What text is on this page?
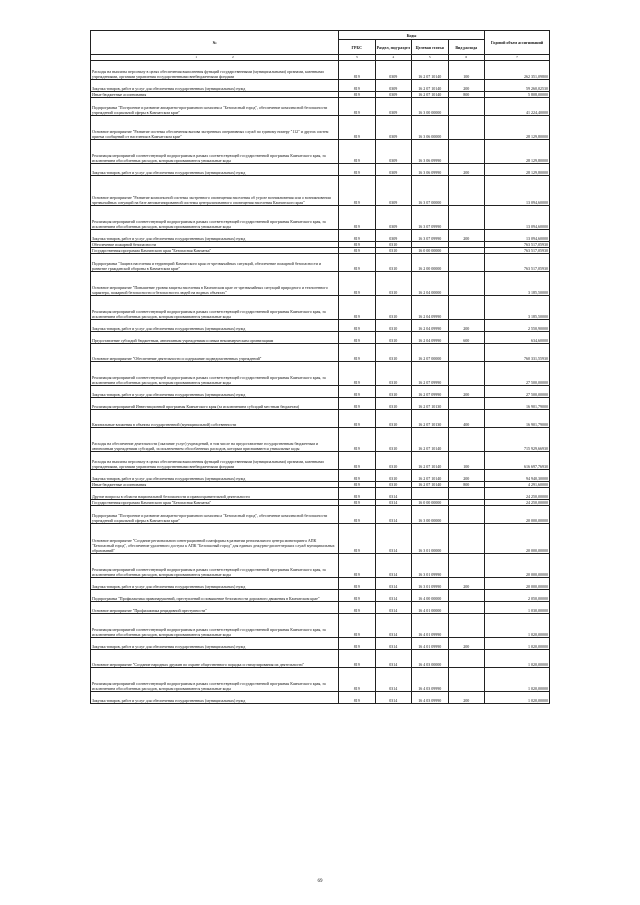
№	Коды				Годовой объем ассигнований
	ГРБС	Раздел, под-раздел	Целевая статья	Вид расхода	
1 2	3	4	5	6	7
Расходы на выплаты персоналу в целях обеспечения выполнения функций государственными (муниципальными) органами, казенными учреждениями, органами управления государственными внебюджетными фондами	819	0309	16 2 07 10140	100	262 351,09800
Закупка товаров, работ и услуг для обеспечения государственных (муниципальных) нужд	819	0309	16 2 07 10140	200	59 260,02530
Иные бюджетные ассигнования	819	0309	16 2 07 10140	800	5 808,00000
Подпрограмма "Построение и развитие аппаратно-программного комплекса "Безопасный город", обеспечение комплексной безопасности учреждений социальной сферы в Камчатском крае"	819	0309	16 3 00 00000		41 224,40000
Основное мероприятие "Развитие системы обеспечения вызова экстренных оперативных служб по единому номеру "112" и других систем приема сообщений от населения в Камчатском крае"	819	0309	16 3 06 00000		28 129,80000
Реализация мероприятий соответствующей подпрограммы в рамках соответствующей государственной программы Камчатского края, за исключением обособленных расходов, которым присваиваются уникальные коды	819	0309	16 3 06 09990		28 129,80000
Закупка товаров, работ и услуг для обеспечения государственных (муниципальных) нужд	819	0309	16 3 06 09990	200	28 129,80000
Основное мероприятие "Развитие комплексной системы экстренного оповещения населения об угрозе возникновения или о возникновении чрезвычайных ситуаций на базе автоматизированной системы централизованного оповещения населения Камчатского края"	819	0309	16 3 07 00000		13 094,60000
Реализация мероприятий соответствующей подпрограммы в рамках соответствующей государственной программы Камчатского края, за исключением обособленных расходов, которым присваиваются уникальные коды	819	0309	16 3 07 09990		13 094,60000
Закупка товаров, работ и услуг для обеспечения государственных (муниципальных) нужд	819	0309	16 3 07 09990	200	13 094,60000
Обеспечение пожарной безопасности	819	0310			763 517,05930
Государственная программа Камчатского края "Безопасная Камчатка"	819	0310	16 0 00 00000		763 517,05930
Подпрограмма "Защита населения и территорий Камчатского края от чрезвычайных ситуаций, обеспечение пожарной безопасности и развитие гражданской обороны в Камчатском крае"	819	0310	16 2 00 00000		763 517,05930
Основное мероприятие "Повышение уровня защиты населения в Камчатском крае от чрезвычайных ситуаций природного и техногенного характера, пожарной безопасности и безопасности людей на водных объектах"	819	0310	16 2 04 00000		3 185,50000
Реализация мероприятий соответствующей подпрограммы в рамках соответствующей государственной программы Камчатского края, за исключением обособленных расходов, которым присваиваются уникальные коды	819	0310	16 2 04 09990		3 185,50000
Закупка товаров, работ и услуг для обеспечения государственных (муниципальных) нужд	819	0310	16 2 04 09990	200	2 550,90000
Предоставление субсидий бюджетным, автономным учреждениям и иным некоммерческим организациям	819	0310	16 2 04 09990	600	634,60000
Основное мероприятие "Обеспечение деятельности и содержание подведомственных учреждений"	819	0310	16 2 07 00000		760 331,55930
Реализация мероприятий соответствующей подпрограммы в рамках соответствующей государственной программы Камчатского края, за исключением обособленных расходов, которым присваиваются уникальные коды	819	0310	16 2 07 09990		27 500,00000
Закупка товаров, работ и услуг для обеспечения государственных (муниципальных) нужд	819	0310	16 2 07 09990	200	27 500,00000
Реализация мероприятий Инвестиционной программы Камчатского края (за исключением субсидий местным бюджетам)	819	0310	16 2 07 10130		16 901,79000
Капитальные вложения в объекты государственной (муниципальной) собственности	819	0310	16 2 07 10130	400	16 901,79000
Расходы на обеспечение деятельности (оказание услуг) учреждений, в том числе на предоставление государственным бюджетным и автономным учреждениям субсидий, за исключением обособленных расходов, которым присваиваются уникальные коды	819	0310	16 2 07 10140		715 929,66930
Расходы на выплаты персоналу в целях обеспечения выполнения функций государственными (муниципальными) органами, казенными учреждениями, органами управления государственными внебюджетными фондами	819	0310	16 2 07 10140	100	616 697,76930
Закупка товаров, работ и услуг для обеспечения государственных (муниципальных) нужд	819	0310	16 2 07 10140	200	94 940,30000
Иные бюджетные ассигнования	819	0310	16 2 07 10140	800	4 291,60000
Другие вопросы в области национальной безопасности и правоохранительной деятельности	819	0314			24 250,00000
Государственная программа Камчатского края "Безопасная Камчатка"	819	0314	16 0 00 00000		24 250,00000
Подпрограмма "Построение и развитие аппаратно-программного комплекса "Безопасный город", обеспечение комплексной безопасности учреждений социальной сферы в Камчатском крае"	819	0314	16 3 00 00000		20 000,00000
Основное мероприятие "Создание регионального интеграционной платформы в развитии регионального центра мониторинга АПК "Безопасный город", обеспечение удаленного доступа к АПК "Безопасный город" для единых дежурно-диспетчерских служб муниципальных образований"	819	0314	16 3 01 00000		20 000,00000
Реализация мероприятий соответствующей подпрограммы в рамках соответствующей государственной программы Камчатского края, за исключением обособленных расходов, которым присваиваются уникальные коды	819	0314	16 3 01 09990		20 000,00000
Закупка товаров, работ и услуг для обеспечения государственных (муниципальных) нужд	819	0314	16 3 01 09990	200	20 000,00000
Подпрограмма "Профилактика правонарушений, преступлений и повышение безопасности дорожного движения в Камчатском крае"	819	0314	16 4 00 00000		2 050,00000
Основное мероприятие "Профилактика рецидивной преступности"	819	0314	16 4 01 00000		1 030,00000
Реализация мероприятий соответствующей подпрограммы в рамках соответствующей государственной программы Камчатского края, за исключением обособленных расходов, которым присваиваются уникальные коды	819	0314	16 4 01 09990		1 020,00000
Закупка товаров, работ и услуг для обеспечения государственных (муниципальных) нужд	819	0314	16 4 01 09990	200	1 020,00000
Основное мероприятие "Создание народных дружин по охране общественного порядка и стимулирования их деятельности"	819	0314	16 4 03 00000		1 020,00000
Реализация мероприятий соответствующей подпрограммы в рамках соответствующей государственной программы Камчатского края, за исключением обособленных расходов, которым присваиваются уникальные коды	819	0314	16 4 03 09990		1 020,00000
Закупка товаров, работ и услуг для обеспечения государственных (муниципальных) нужд	819	0314	16 4 03 09990	200	1 020,00000
69
